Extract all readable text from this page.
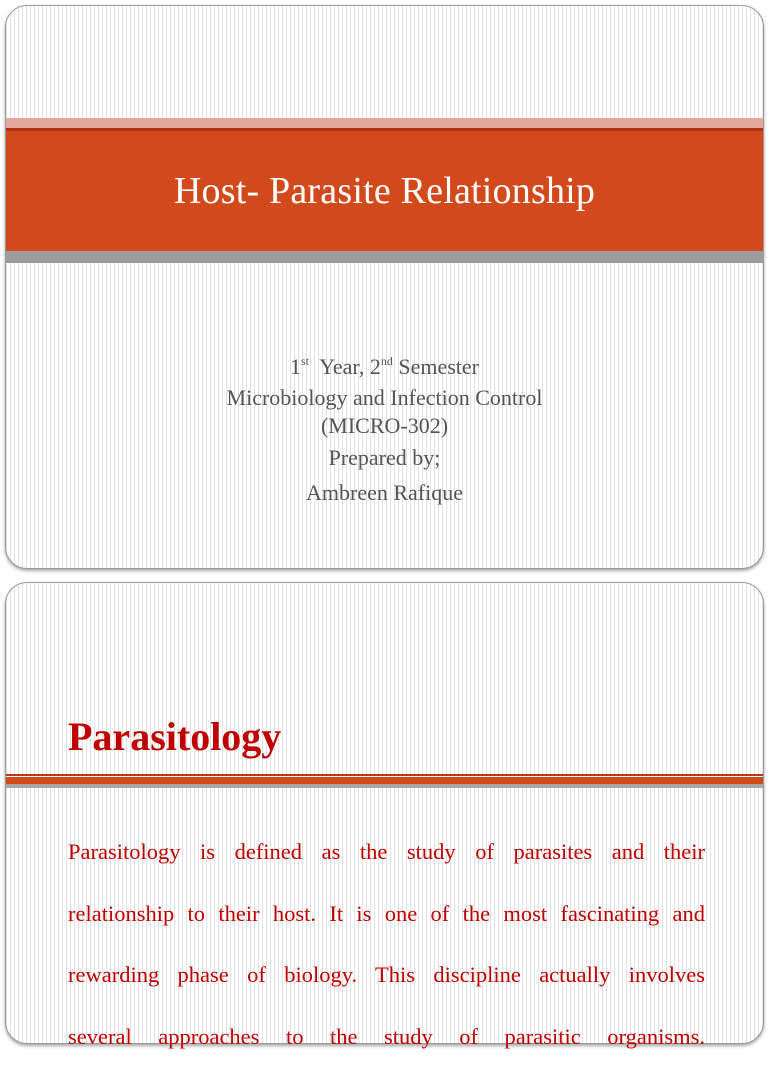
Host- Parasite Relationship
1st Year, 2nd Semester
Microbiology and Infection Control
(MICRO-302)
Prepared by;
Ambreen Rafique
Parasitology
Parasitology is defined as the study of parasites and their
relationship to their host. It is one of the most fascinating and
rewarding phase of biology. This discipline actually involves
several approaches to the study of parasitic organisms.
